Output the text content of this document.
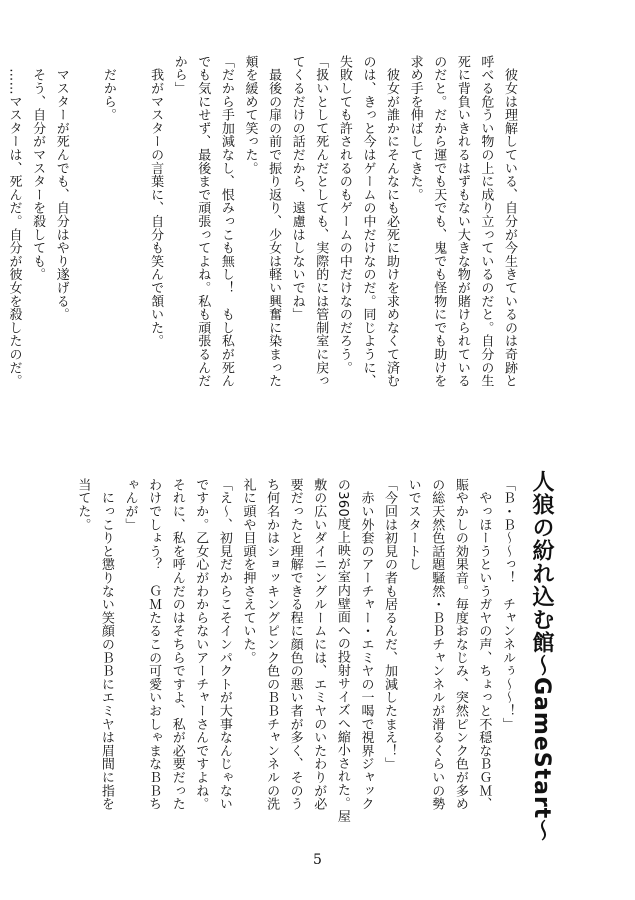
　彼女は理解している、自分が今生きているのは奇跡と

呼べる危うい物の上に成り立っているのだと。自分の生

死に背負いきれるはずもない大きな物が賭けられている

のだと。だから運でも天でも、鬼でも怪物にでも助けを

求め手を伸ばしてきた。

　彼女が誰かにそんなにも必死に助けを求めなくて済む

のは、きっと今はゲームの中だけなのだ。同じように、

失敗しても許されるのもゲームの中だけなのだろう。

「扱いとして死んだとしても、実際的には管制室に戻っ

てくるだけの話だから、遠慮はしないでね」

　最後の扉の前で振り返り、少女は軽い興奮に染まった

頬を緩めて笑った。

「だから手加減なし、恨みっこも無し！　もし私が死ん

でも気にせず、最後まで頑張ってよね。私も頑張るんだ

から」

　我がマスターの言葉に、自分も笑んで頷いた。

　だから。

　マスターが死んでも、自分はやり遂げる。

　そう、自分がマスターを殺しても。

　……マスターは、死んだ。自分が彼女を殺したのだ。

人狼の紛れ込む館～GameStart～

「Ｂ・Ｂ～～っ！　チャンネルぅ～～！」

　やっほーうというガヤの声、ちょっと不穏なＢＧＭ、

賑やかしの効果音。毎度おなじみ、突然ピンク色が多め

の総天然色話題騒然・ＢＢチャンネルが滑るくらいの勢

いでスタートし

「今回は初見の者も居るんだ、加減したまえ！」

　赤い外套のアーチャー・エミヤの一喝で視界ジャック

の360度上映が室内壁面への投射サイズへ縮小された。屋

敷の広いダイニングルームには、エミヤのいたわりが必

要だったと理解できる程に顔色の悪い者が多く、そのう

ち何名かはショッキングピンク色のＢＢチャンネルの洗

礼に頭や目頭を押さえていた。

「え～、初見だからこそインパクトが大事なんじゃない

ですか。乙女心がわからないアーチャーさんですよね。

それに、私を呼んだのはそちらですよ、私が必要だった

わけでしょう？　ＧＭたるこの可愛いおしゃまなＢＢち

ゃんが」

　にっこりと懲りない笑顔のＢＢにエミヤは眉間に指を

当てた。

5
